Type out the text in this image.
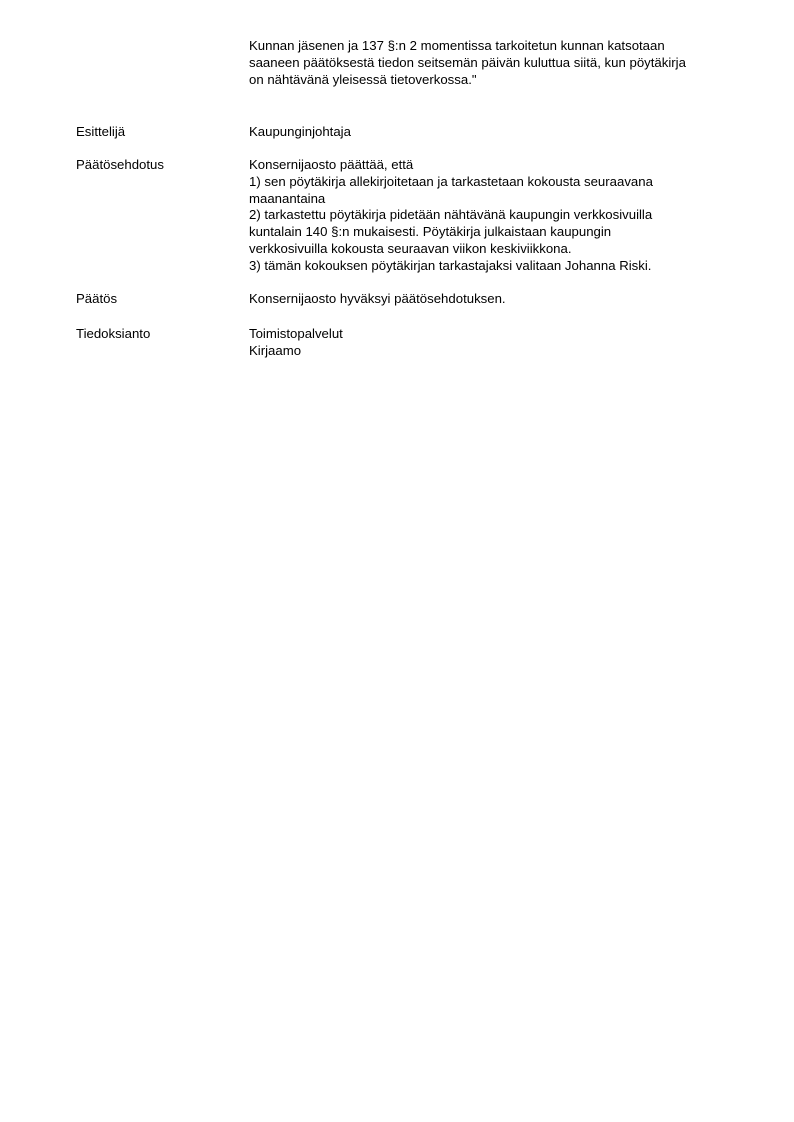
Kunnan jäsenen ja 137 §:n 2 momentissa tarkoitetun kunnan katsotaan
saaneen päätöksestä tiedon seitsemän päivän kuluttua siitä, kun pöytäkirja
on nähtävänä yleisessä tietoverkossa."
Esittelijä	Kaupunginjohtaja
Päätösehdotus	Konsernijaosto päättää, että
1) sen pöytäkirja allekirjoitetaan ja tarkastetaan kokousta seuraavana
maanantaina
2) tarkastettu pöytäkirja pidetään nähtävänä kaupungin verkkosivuilla
kuntalain 140 §:n mukaisesti. Pöytäkirja julkaistaan kaupungin
verkkosivuilla kokousta seuraavan viikon keskiviikkona.
3) tämän kokouksen pöytäkirjan tarkastajaksi valitaan Johanna Riski.
Päätös	Konsernijaosto hyväksyi päätösehdotuksen.
Tiedoksianto	Toimistopalvelut
Kirjaamo
